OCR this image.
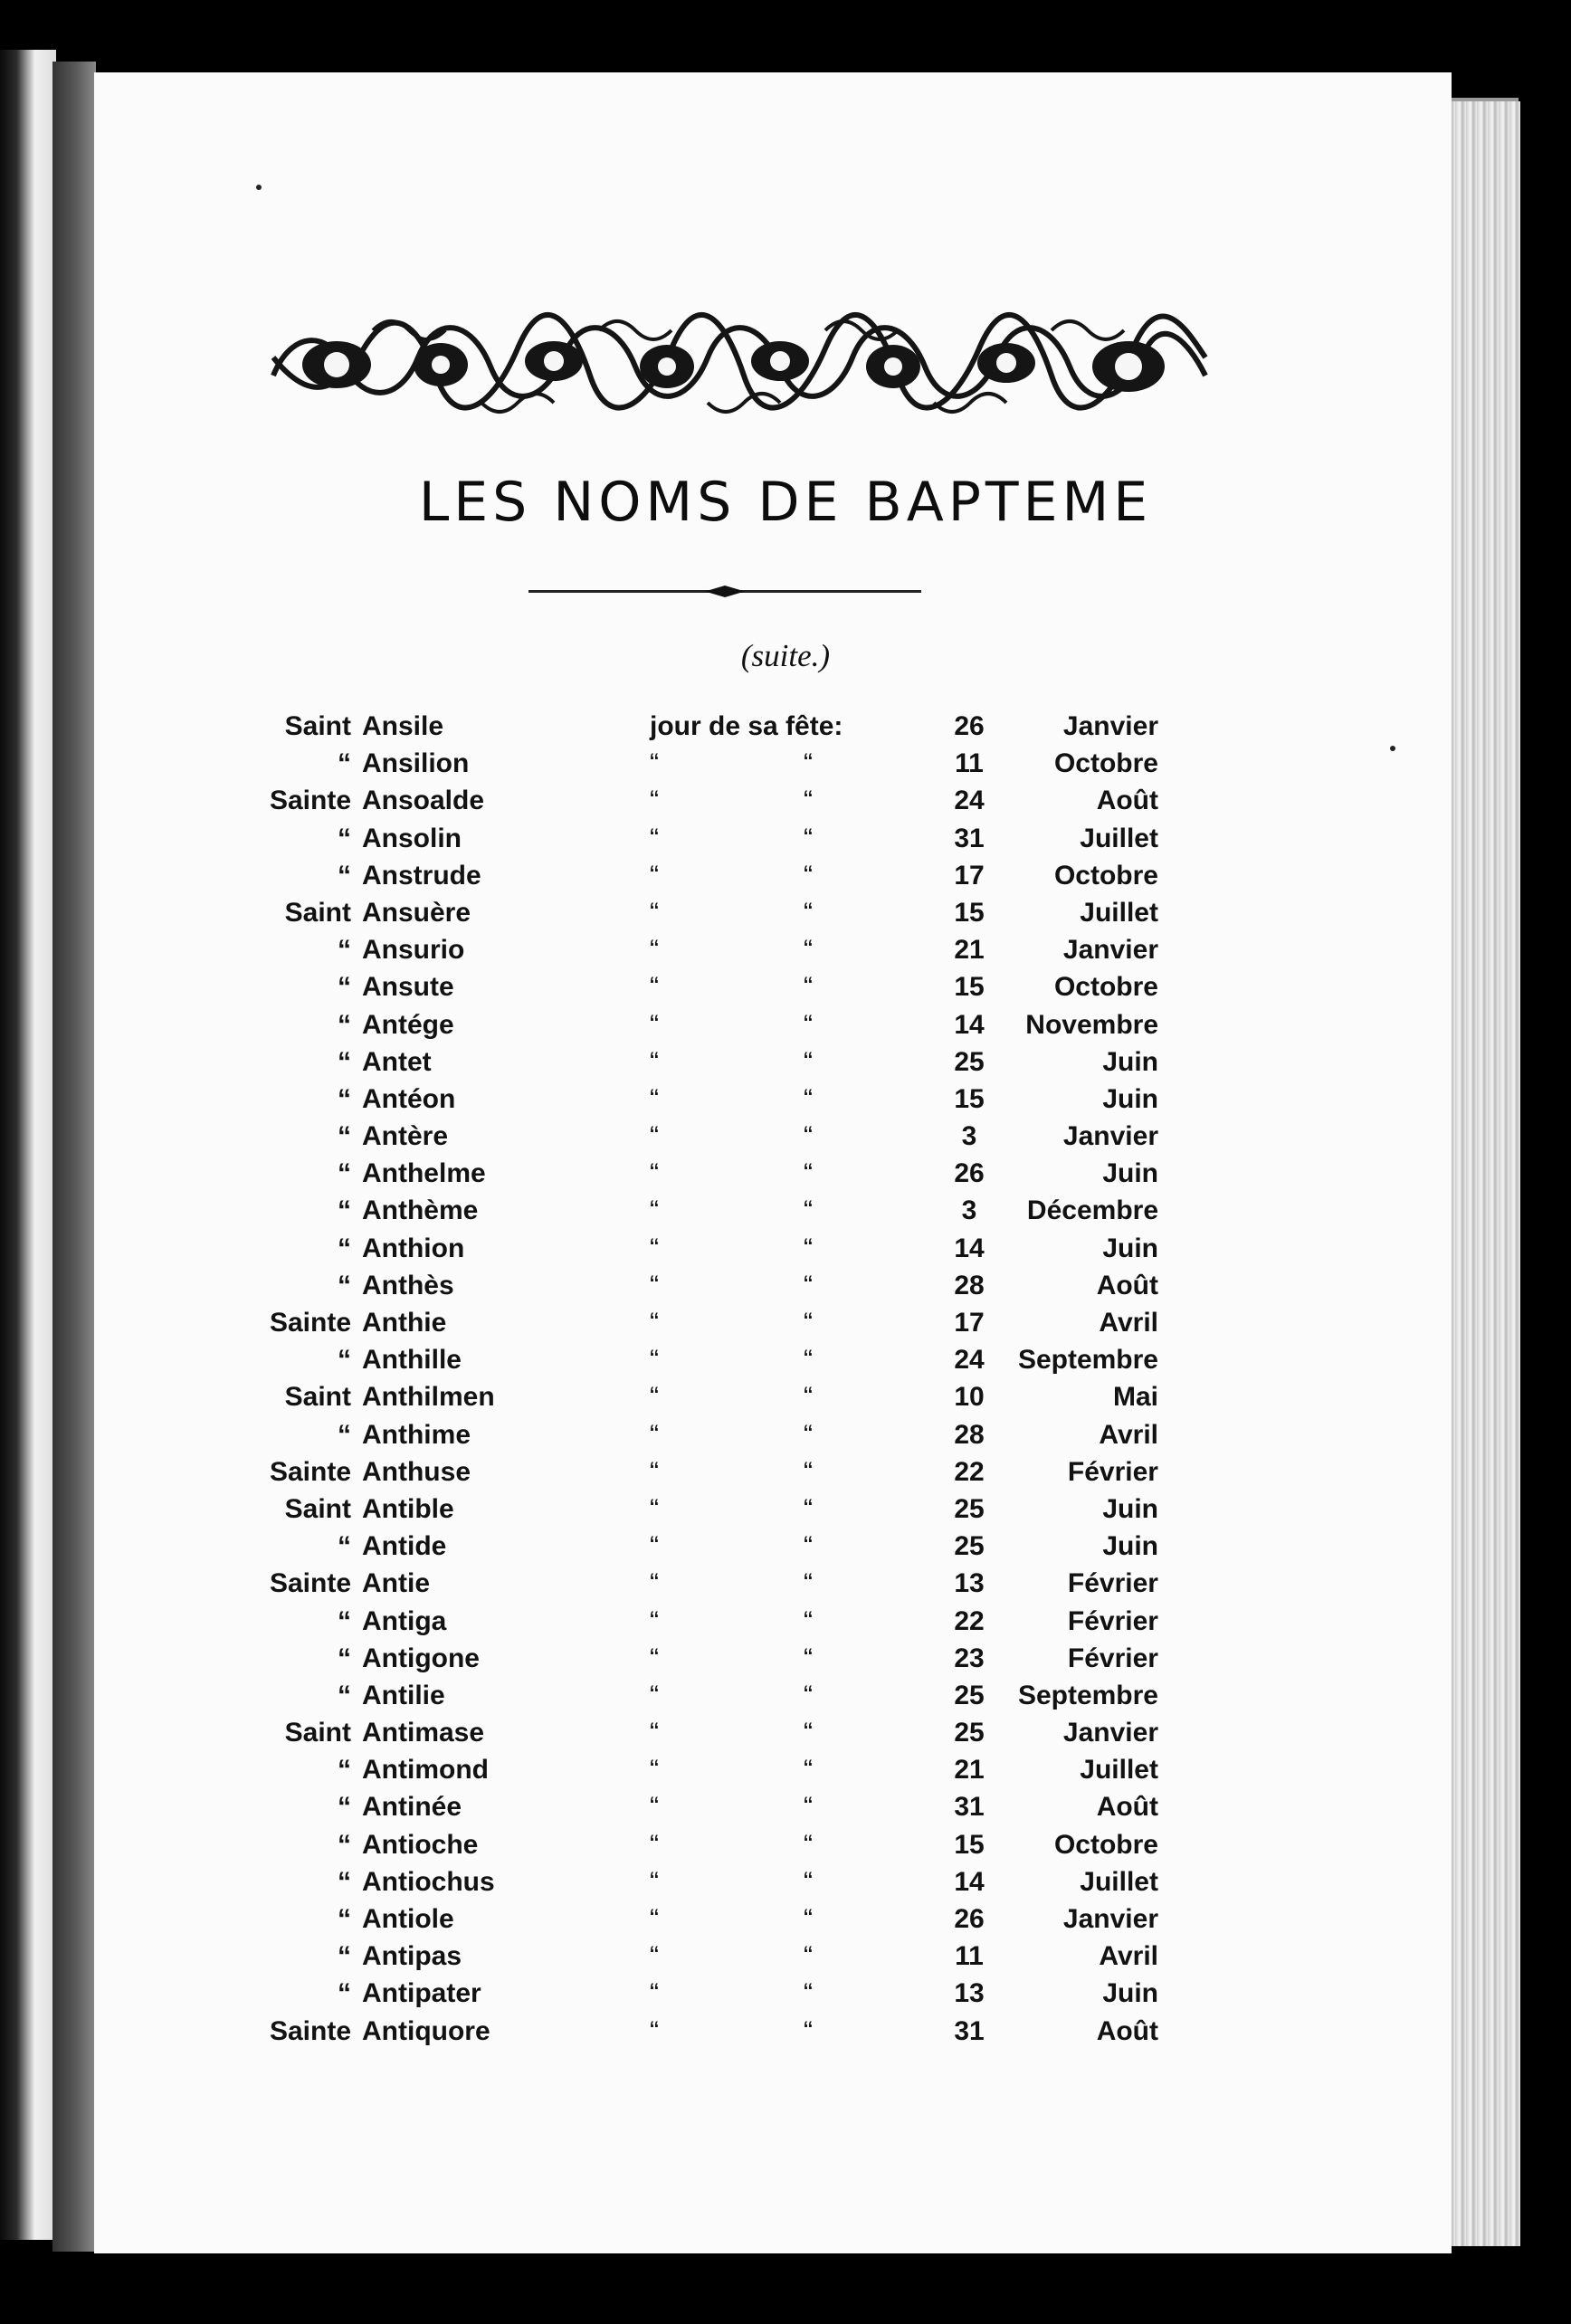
LES NOMS DE BAPTEME
(suite.)
Saint Ansile	jour de sa fête:	26	Janvier
“ Ansilion	“	“	11	Octobre
Sainte Ansoalde	“	“	24	Août
“ Ansolin	“	“	31	Juillet
“ Anstrude	“	“	17	Octobre
Saint Ansuère	“	“	15	Juillet
“ Ansurio	“	“	21	Janvier
“ Ansute	“	“	15	Octobre
“ Antége	“	“	14	Novembre
“ Antet	“	“	25	Juin
“ Antéon	“	“	15	Juin
“ Antère	“	“	3	Janvier
“ Anthelme	“	“	26	Juin
“ Anthème	“	“	3	Décembre
“ Anthion	“	“	14	Juin
“ Anthès	“	“	28	Août
Sainte Anthie	“	“	17	Avril
“ Anthille	“	“	24	Septembre
Saint Anthilmen	“	“	10	Mai
“ Anthime	“	“	28	Avril
Sainte Anthuse	“	“	22	Février
Saint Antible	“	“	25	Juin
“ Antide	“	“	25	Juin
Sainte Antie	“	“	13	Février
“ Antiga	“	“	22	Février
“ Antigone	“	“	23	Février
“ Antilie	“	“	25	Septembre
Saint Antimase	“	“	25	Janvier
“ Antimond	“	“	21	Juillet
“ Antinée	“	“	31	Août
“ Antioche	“	“	15	Octobre
“ Antiochus	“	“	14	Juillet
“ Antiole	“	“	26	Janvier
“ Antipas	“	“	11	Avril
“ Antipater	“	“	13	Juin
Sainte Antiquore	“	“	31	Août
